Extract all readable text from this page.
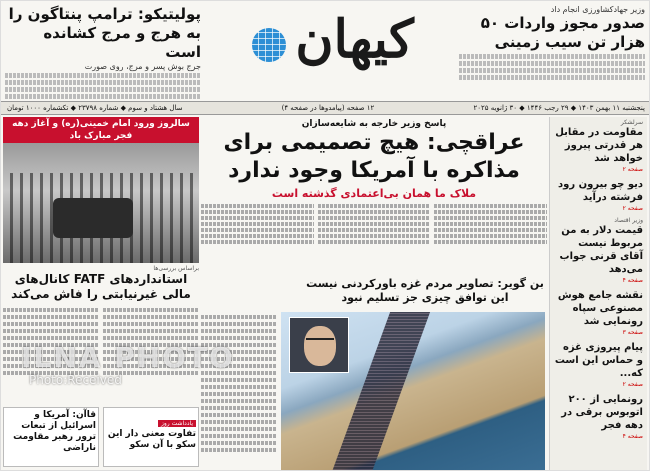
وزیر جهادکشاورزی انجام داد
صدور مجوز واردات ۵۰ هزار تن سیب زمینی
کیهان
پولیتیکو: ترامپ پنتاگون را به هرج و مرج کشانده است
جرج بوش پسر و مرج، روی صورت
پنجشنبه ۱۱ بهمن ۱۴۰۳ ◆ ۲۹ رجب ۱۴۴۶ ◆ ۳۰ ژانویه ۲۰۲۵
۱۲ صفحه (پیامدوها در صفحه ۴)
سال هشتاد و سوم ◆ شماره ۲۳۷۹۸ ◆ تکشماره ۱۰۰۰ تومان
سرلشکر
مقاومت در مقابل هر قدرتی پیروز خواهد شد
صفحه ۲
دیو چو بیرون رود فرشته درآید
صفحه ۲
وزیر اقتصاد
قیمت دلار به من مربوط نیست آقای قرنی جواب می‌دهد
صفحه ۴
نقشه جامع هوش مصنوعی سپاه رونمایی شد
صفحه ۳
پیام پیروزی غزه و حماس این است که...
صفحه ۲
رونمایی از ۲۰۰ اتوبوس برقی در دهه فجر
صفحه ۴
پاسخ وزیر خارجه به شایعه‌سازان
عراقچی: هیچ تصمیمی برای مذاکره با آمریکا وجود ندارد
ملاک ما همان بی‌اعتمادی گذشته است
بن گویر: تصاویر مردم غزه باورکردنی نیست این توافق چیزی جز تسلیم نبود
سالروز ورود امام خمینی(ره) و آغاز دهه فجر مبارک باد
براساس بررسی‌ها
استانداردهای FATF کانال‌های مالی غیرنیابتی را فاش می‌کند
یادداشت روز
تفاوت معنی دار این سکو با آن سکو
قاآن: آمریکا و اسرائیل از تبعات ترور رهبر مقاومت ناراضی
ILNA PHOTO
Photo:Received
